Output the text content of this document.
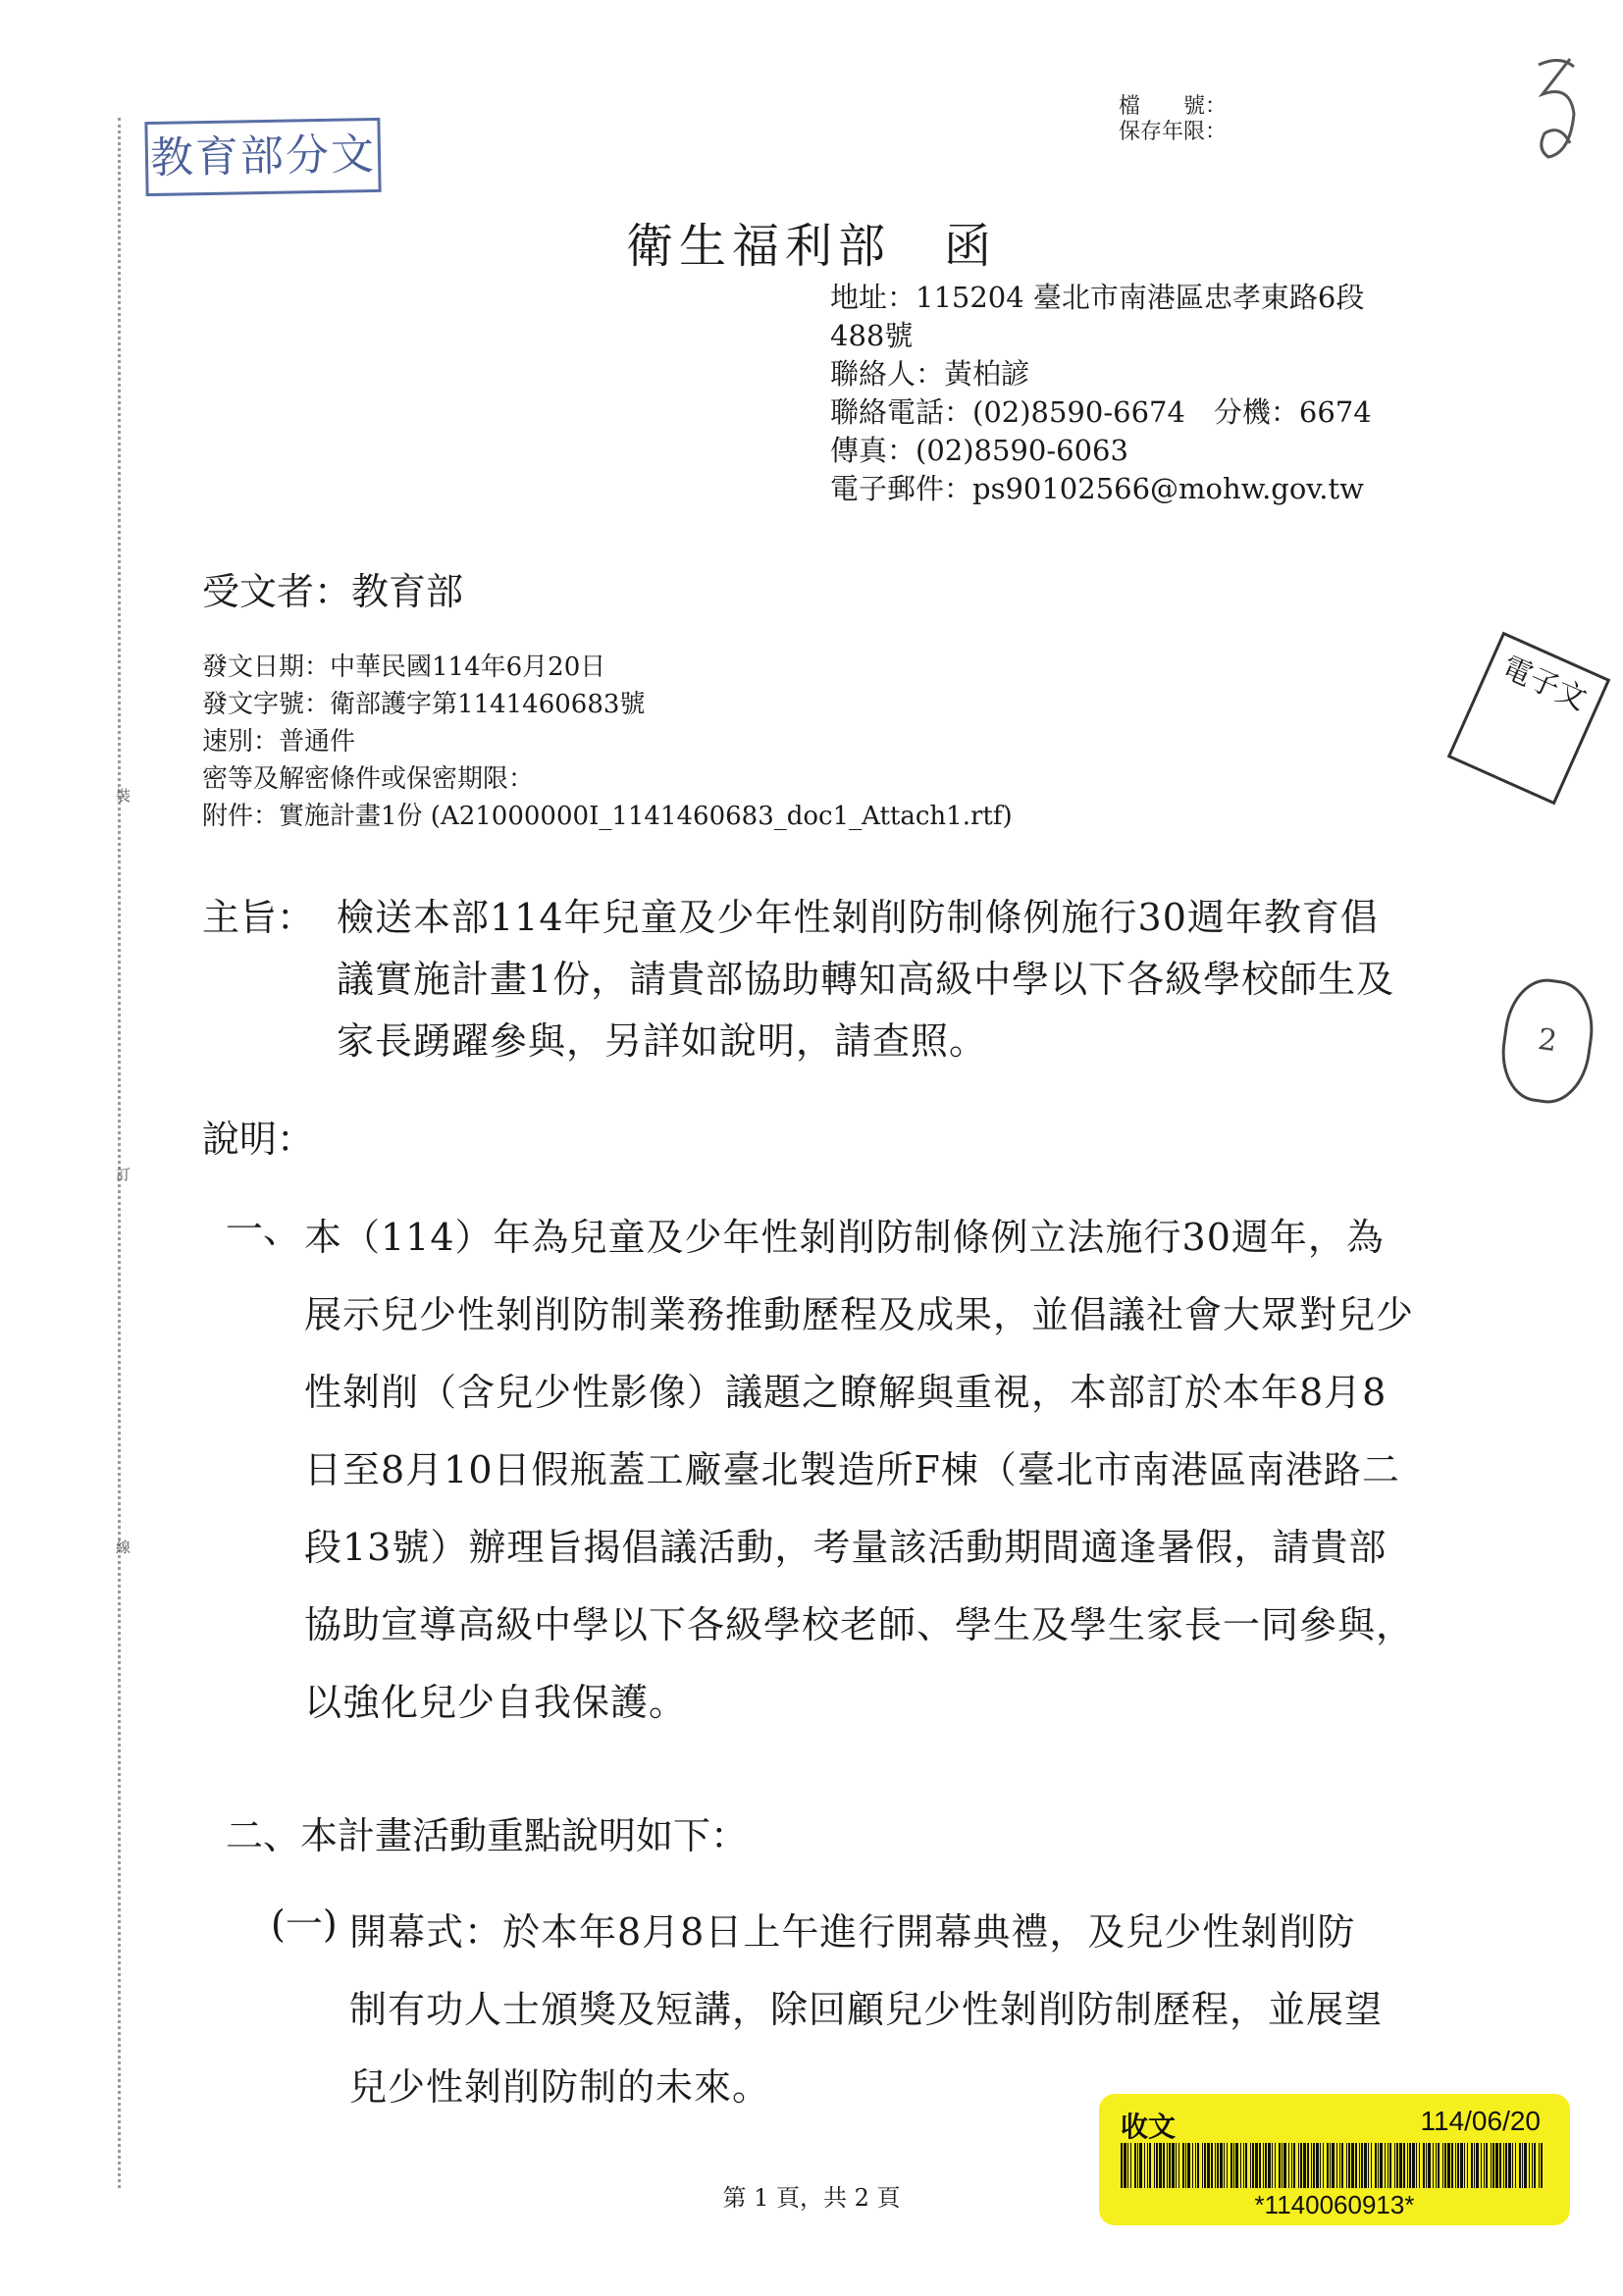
裝
訂
線
教育部分文
檔　　號：
保存年限：
衛生福利部　函
地址：115204 臺北市南港區忠孝東路6段
488號
聯絡人：黃柏諺
聯絡電話：(02)8590-6674　分機：6674
傳真：(02)8590-6063
電子郵件：ps90102566@mohw.gov.tw
受文者：教育部
發文日期：中華民國114年6月20日
發文字號：衛部護字第1141460683號
速別：普通件
密等及解密條件或保密期限：
附件：實施計畫1份 (A21000000I_1141460683_doc1_Attach1.rtf)
主旨： 檢送本部114年兒童及少年性剝削防制條例施行30週年教育倡議實施計畫1份，請貴部協助轉知高級中學以下各級學校師生及家長踴躍參與，另詳如說明，請查照。
說明：
一、 本（114）年為兒童及少年性剝削防制條例立法施行30週年，為展示兒少性剝削防制業務推動歷程及成果，並倡議社會大眾對兒少性剝削（含兒少性影像）議題之瞭解與重視，本部訂於本年8月8日至8月10日假瓶蓋工廠臺北製造所F棟（臺北市南港區南港路二段13號）辦理旨揭倡議活動，考量該活動期間適逢暑假，請貴部協助宣導高級中學以下各級學校老師、學生及學生家長一同參與，以強化兒少自我保護。
二、本計畫活動重點說明如下：
(一) 開幕式：於本年8月8日上午進行開幕典禮，及兒少性剝削防制有功人士頒獎及短講，除回顧兒少性剝削防制歷程，並展望兒少性剝削防制的未來。
電子文
2
第 1 頁，共 2 頁
收文	114/06/20
*1140060913*
